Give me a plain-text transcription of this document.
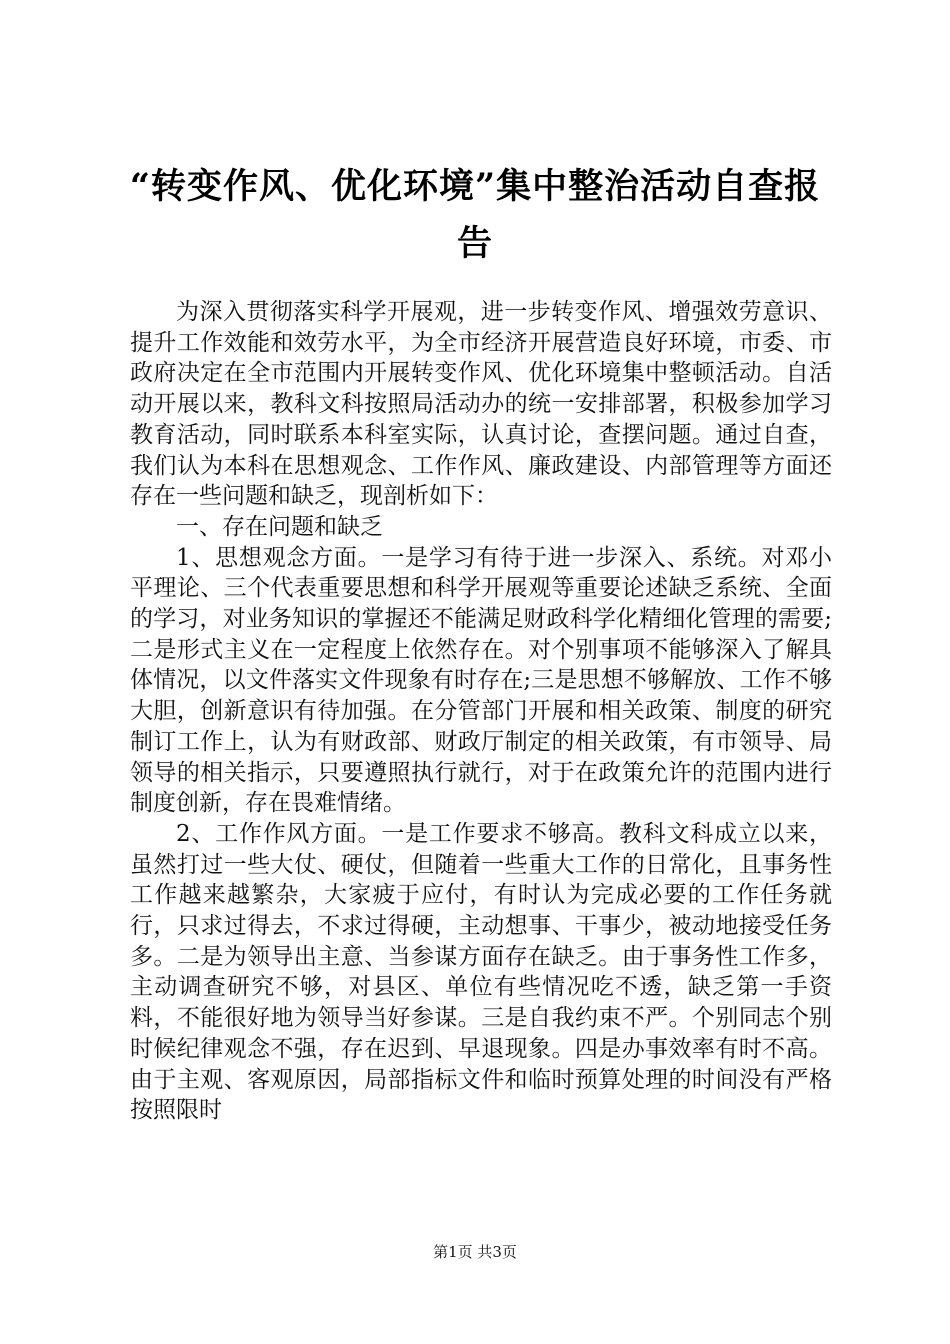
“转变作风、优化环境”集中整治活动自查报告

为深入贯彻落实科学开展观，进一步转变作风、增强效劳意识、提升工作效能和效劳水平，为全市经济开展营造良好环境，市委、市政府决定在全市范围内开展转变作风、优化环境集中整顿活动。自活动开展以来，教科文科按照局活动办的统一安排部署，积极参加学习教育活动，同时联系本科室实际，认真讨论，查摆问题。通过自查，我们认为本科在思想观念、工作作风、廉政建设、内部管理等方面还存在一些问题和缺乏，现剖析如下：

一、存在问题和缺乏

1、思想观念方面。一是学习有待于进一步深入、系统。对邓小平理论、三个代表重要思想和科学开展观等重要论述缺乏系统、全面的学习，对业务知识的掌握还不能满足财政科学化精细化管理的需要;二是形式主义在一定程度上依然存在。对个别事项不能够深入了解具体情况，以文件落实文件现象有时存在;三是思想不够解放、工作不够大胆，创新意识有待加强。在分管部门开展和相关政策、制度的研究制订工作上，认为有财政部、财政厅制定的相关政策，有市领导、局领导的相关指示，只要遵照执行就行，对于在政策允许的范围内进行制度创新，存在畏难情绪。

2、工作作风方面。一是工作要求不够高。教科文科成立以来，虽然打过一些大仗、硬仗，但随着一些重大工作的日常化，且事务性工作越来越繁杂，大家疲于应付，有时认为完成必要的工作任务就行，只求过得去，不求过得硬，主动想事、干事少，被动地接受任务多。二是为领导出主意、当参谋方面存在缺乏。由于事务性工作多，主动调查研究不够，对县区、单位有些情况吃不透，缺乏第一手资料，不能很好地为领导当好参谋。三是自我约束不严。个别同志个别时候纪律观念不强，存在迟到、早退现象。四是办事效率有时不高。由于主观、客观原因，局部指标文件和临时预算处理的时间没有严格按照限时

第1页 共3页
